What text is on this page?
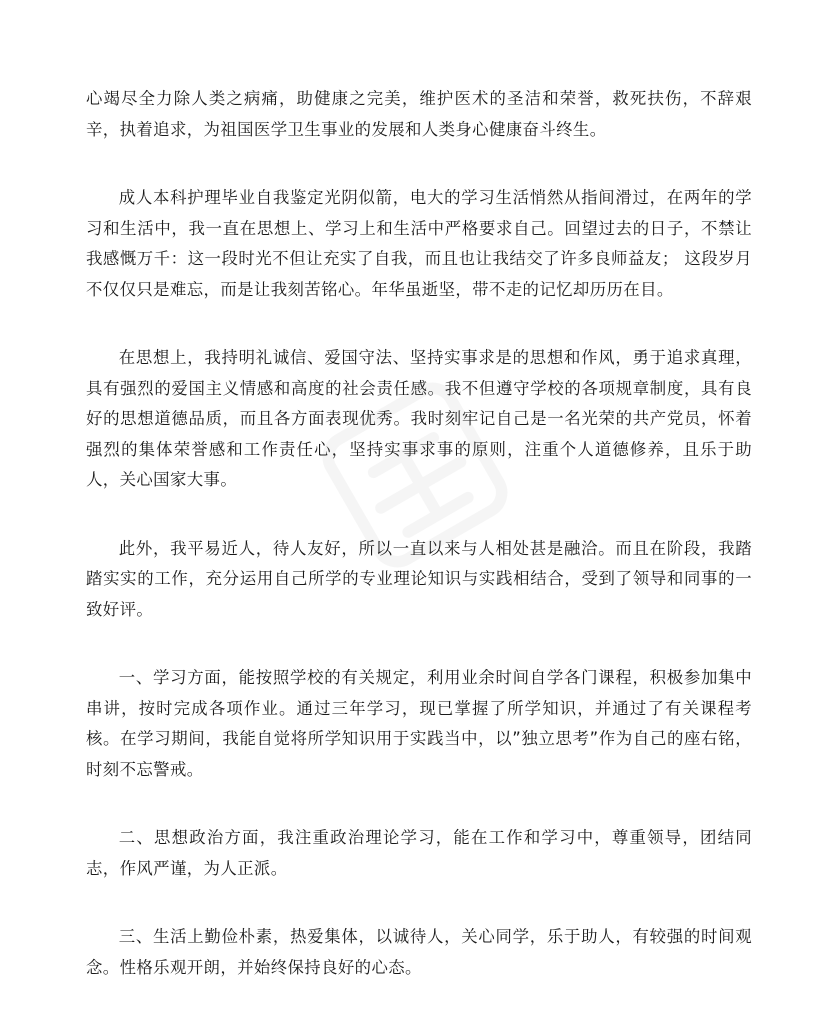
心竭尽全力除人类之病痛，助健康之完美，维护医术的圣洁和荣誉，救死扶伤，不辞艰辛，执着追求，为祖国医学卫生事业的发展和人类身心健康奋斗终生。

成人本科护理毕业自我鉴定光阴似箭，电大的学习生活悄然从指间滑过，在两年的学习和生活中，我一直在思想上、学习上和生活中严格要求自己。回望过去的日子，不禁让我感慨万千：这一段时光不但让充实了自我，而且也让我结交了许多良师益友； 这段岁月不仅仅只是难忘，而是让我刻苦铭心。年华虽逝坚，带不走的记忆却历历在目。

在思想上，我持明礼诚信、爱国守法、坚持实事求是的思想和作风，勇于追求真理，具有强烈的爱国主义情感和高度的社会责任感。我不但遵守学校的各项规章制度，具有良好的思想道德品质，而且各方面表现优秀。我时刻牢记自己是一名光荣的共产党员，怀着强烈的集体荣誉感和工作责任心，坚持实事求事的原则，注重个人道德修养，且乐于助人，关心国家大事。

此外，我平易近人，待人友好，所以一直以来与人相处甚是融洽。而且在阶段，我踏踏实实的工作，充分运用自己所学的专业理论知识与实践相结合，受到了领导和同事的一致好评。

一、学习方面，能按照学校的有关规定，利用业余时间自学各门课程，积极参加集中串讲，按时完成各项作业。通过三年学习，现已掌握了所学知识，并通过了有关课程考核。在学习期间，我能自觉将所学知识用于实践当中，以”独立思考”作为自己的座右铭，时刻不忘警戒。

二、思想政治方面，我注重政治理论学习，能在工作和学习中，尊重领导，团结同志，作风严谨，为人正派。

三、生活上勤俭朴素，热爱集体，以诚待人，关心同学，乐于助人，有较强的时间观念。性格乐观开朗，并始终保持良好的心态。
